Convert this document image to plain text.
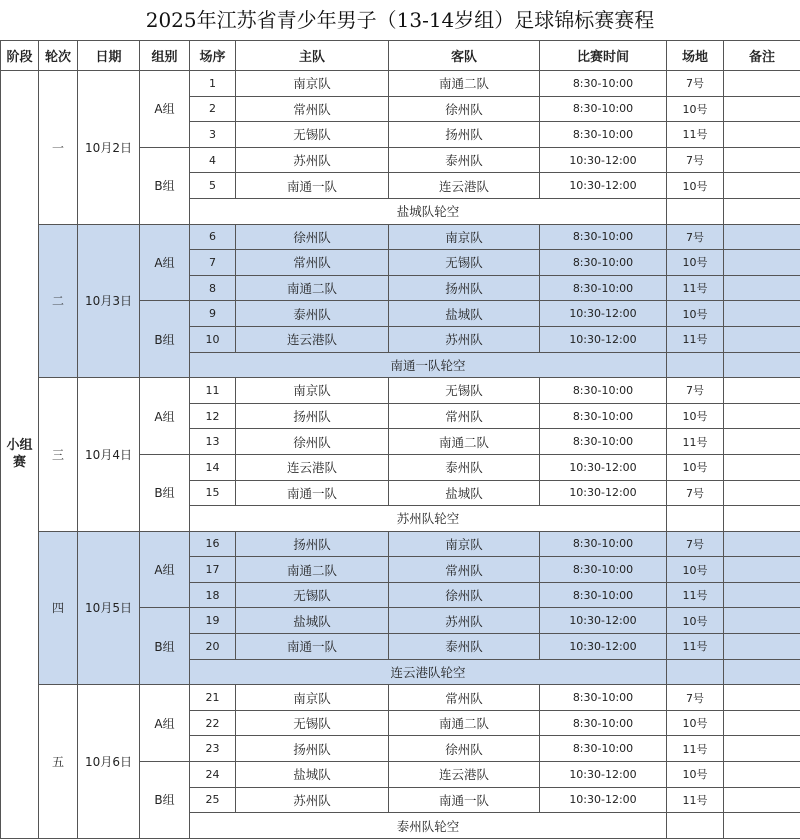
2025年江苏省青少年男子（13-14岁组）足球锦标赛赛程
阶段	轮次	日期	组别	场序	主队	客队	比赛时间	场地	备注
小组赛	一	10月2日	A组	1	南京队	南通二队	8:30-10:00	7号	
				2	常州队	徐州队	8:30-10:00	10号	
				3	无锡队	扬州队	8:30-10:00	11号	
			B组	4	苏州队	泰州队	10:30-12:00	7号	
				5	南通一队	连云港队	10:30-12:00	10号	
				盐城队轮空					
	二	10月3日	A组	6	徐州队	南京队	8:30-10:00	7号	
				7	常州队	无锡队	8:30-10:00	10号	
				8	南通二队	扬州队	8:30-10:00	11号	
			B组	9	泰州队	盐城队	10:30-12:00	10号	
				10	连云港队	苏州队	10:30-12:00	11号	
				南通一队轮空					
	三	10月4日	A组	11	南京队	无锡队	8:30-10:00	7号	
				12	扬州队	常州队	8:30-10:00	10号	
				13	徐州队	南通二队	8:30-10:00	11号	
			B组	14	连云港队	泰州队	10:30-12:00	10号	
				15	南通一队	盐城队	10:30-12:00	7号	
				苏州队轮空					
	四	10月5日	A组	16	扬州队	南京队	8:30-10:00	7号	
				17	南通二队	常州队	8:30-10:00	10号	
				18	无锡队	徐州队	8:30-10:00	11号	
			B组	19	盐城队	苏州队	10:30-12:00	10号	
				20	南通一队	泰州队	10:30-12:00	11号	
				连云港队轮空					
	五	10月6日	A组	21	南京队	常州队	8:30-10:00	7号	
				22	无锡队	南通二队	8:30-10:00	10号	
				23	扬州队	徐州队	8:30-10:00	11号	
			B组	24	盐城队	连云港队	10:30-12:00	10号	
				25	苏州队	南通一队	10:30-12:00	11号	
				泰州队轮空					
